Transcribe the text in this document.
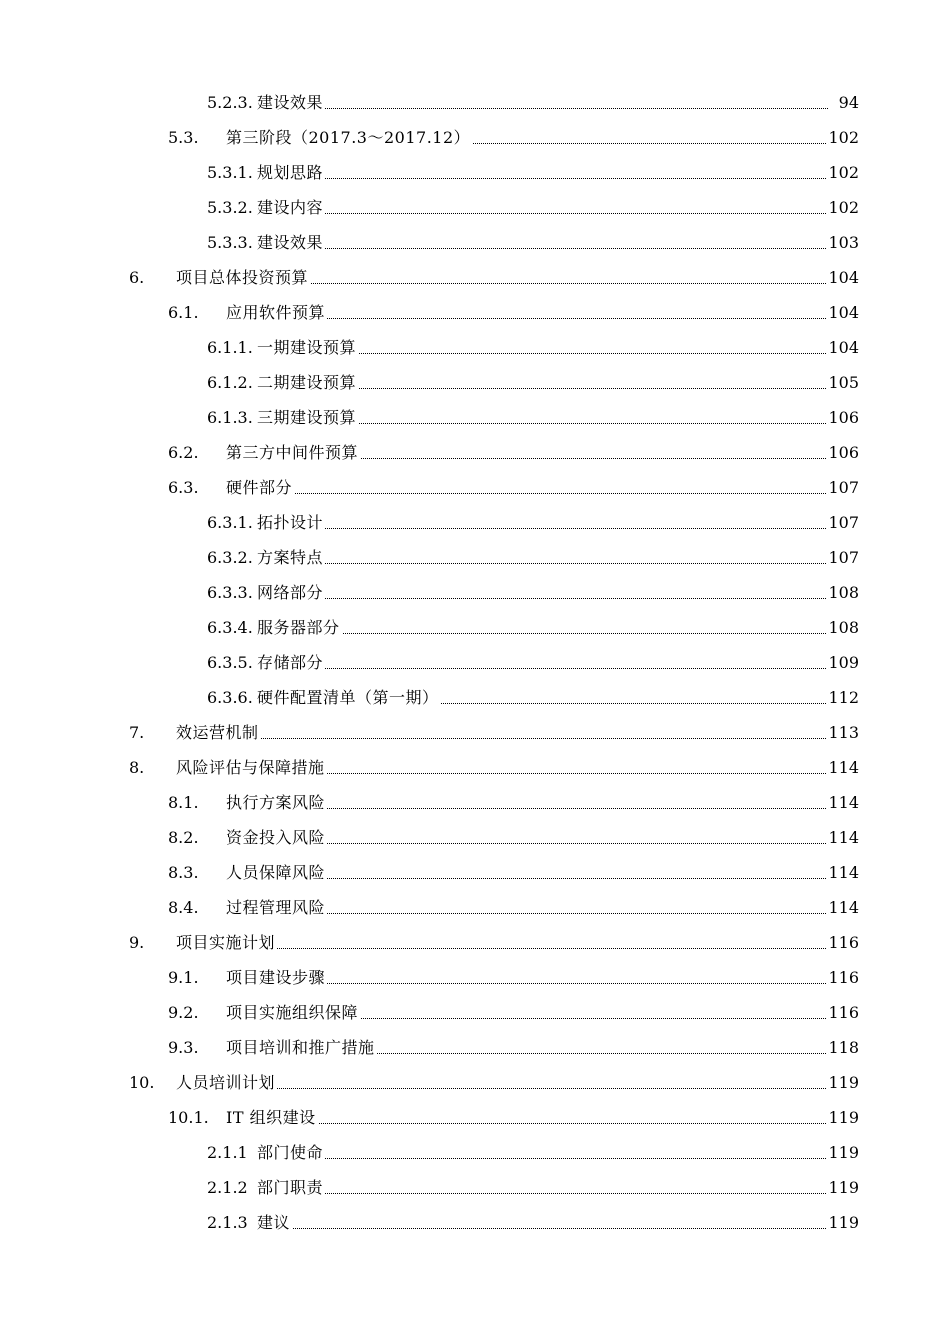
5.2.3. 建设效果	94
5.3. 第三阶段（2017.3～2017.12）	102
5.3.1. 规划思路	102
5.3.2. 建设内容	102
5.3.3. 建设效果	103
6. 项目总体投资预算	104
6.1. 应用软件预算	104
6.1.1. 一期建设预算	104
6.1.2. 二期建设预算	105
6.1.3. 三期建设预算	106
6.2. 第三方中间件预算	106
6.3. 硬件部分	107
6.3.1. 拓扑设计	107
6.3.2. 方案特点	107
6.3.3. 网络部分	108
6.3.4. 服务器部分	108
6.3.5. 存储部分	109
6.3.6. 硬件配置清单（第一期）	112
7. 效运营机制	113
8. 风险评估与保障措施	114
8.1. 执行方案风险	114
8.2. 资金投入风险	114
8.3. 人员保障风险	114
8.4. 过程管理风险	114
9. 项目实施计划	116
9.1. 项目建设步骤	116
9.2. 项目实施组织保障	116
9.3. 项目培训和推广措施	118
10. 人员培训计划	119
10.1. IT 组织建设	119
2.1.1 部门使命	119
2.1.2 部门职责	119
2.1.3 建议	119
